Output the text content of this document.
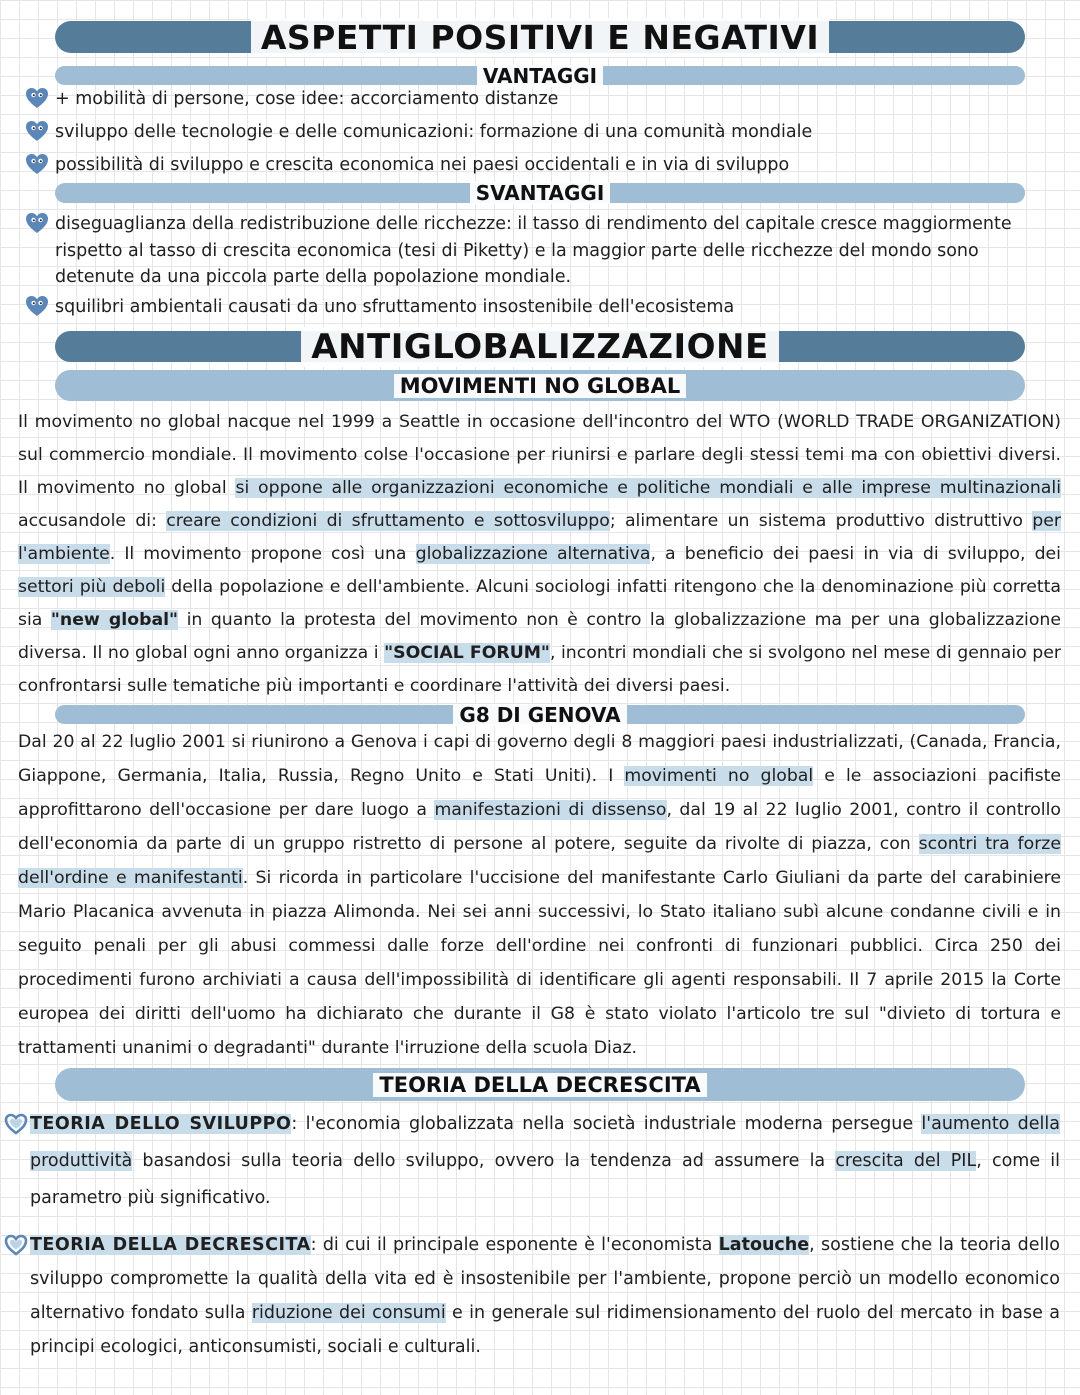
ASPETTI POSITIVI E NEGATIVI
VANTAGGI
+ mobilità di persone, cose idee: accorciamento distanze
sviluppo delle tecnologie e delle comunicazioni: formazione di una comunità mondiale
possibilità di sviluppo e crescita economica nei paesi occidentali e in via di sviluppo
SVANTAGGI
diseguaglianza della redistribuzione delle ricchezze: il tasso di rendimento del capitale cresce maggiormente rispetto al tasso di crescita economica (tesi di Piketty) e la maggior parte delle ricchezze del mondo sono detenute da una piccola parte della popolazione mondiale.
squilibri ambientali causati da uno sfruttamento insostenibile dell'ecosistema
ANTIGLOBALIZZAZIONE
MOVIMENTI NO GLOBAL
Il movimento no global nacque nel 1999 a Seattle in occasione dell'incontro del WTO (WORLD TRADE ORGANIZATION) sul commercio mondiale. Il movimento colse l'occasione per riunirsi e parlare degli stessi temi ma con obiettivi diversi. Il movimento no global si oppone alle organizzazioni economiche e politiche mondiali e alle imprese multinazionali accusandole di: creare condizioni di sfruttamento e sottosviluppo; alimentare un sistema produttivo distruttivo per l'ambiente. Il movimento propone così una globalizzazione alternativa, a beneficio dei paesi in via di sviluppo, dei settori più deboli della popolazione e dell'ambiente. Alcuni sociologi infatti ritengono che la denominazione più corretta sia "new global" in quanto la protesta del movimento non è contro la globalizzazione ma per una globalizzazione diversa. Il no global ogni anno organizza i "SOCIAL FORUM", incontri mondiali che si svolgono nel mese di gennaio per confrontarsi sulle tematiche più importanti e coordinare l'attività dei diversi paesi.
G8 DI GENOVA
Dal 20 al 22 luglio 2001 si riunirono a Genova i capi di governo degli 8 maggiori paesi industrializzati, (Canada, Francia, Giappone, Germania, Italia, Russia, Regno Unito e Stati Uniti). I movimenti no global e le associazioni pacifiste approfittarono dell'occasione per dare luogo a manifestazioni di dissenso, dal 19 al 22 luglio 2001, contro il controllo dell'economia da parte di un gruppo ristretto di persone al potere, seguite da rivolte di piazza, con scontri tra forze dell'ordine e manifestanti. Si ricorda in particolare l'uccisione del manifestante Carlo Giuliani da parte del carabiniere Mario Placanica avvenuta in piazza Alimonda. Nei sei anni successivi, lo Stato italiano subì alcune condanne civili e in seguito penali per gli abusi commessi dalle forze dell'ordine nei confronti di funzionari pubblici. Circa 250 dei procedimenti furono archiviati a causa dell'impossibilità di identificare gli agenti responsabili. Il 7 aprile 2015 la Corte europea dei diritti dell'uomo ha dichiarato che durante il G8 è stato violato l'articolo tre sul "divieto di tortura e trattamenti unanimi o degradanti" durante l'irruzione della scuola Diaz.
TEORIA DELLA DECRESCITA
TEORIA DELLO SVILUPPO: l'economia globalizzata nella società industriale moderna persegue l'aumento della produttività basandosi sulla teoria dello sviluppo, ovvero la tendenza ad assumere la crescita del PIL, come il parametro più significativo.
TEORIA DELLA DECRESCITA: di cui il principale esponente è l'economista Latouche, sostiene che la teoria dello sviluppo compromette la qualità della vita ed è insostenibile per l'ambiente, propone perciò un modello economico alternativo fondato sulla riduzione dei consumi e in generale sul ridimensionamento del ruolo del mercato in base a principi ecologici, anticonsumisti, sociali e culturali.
